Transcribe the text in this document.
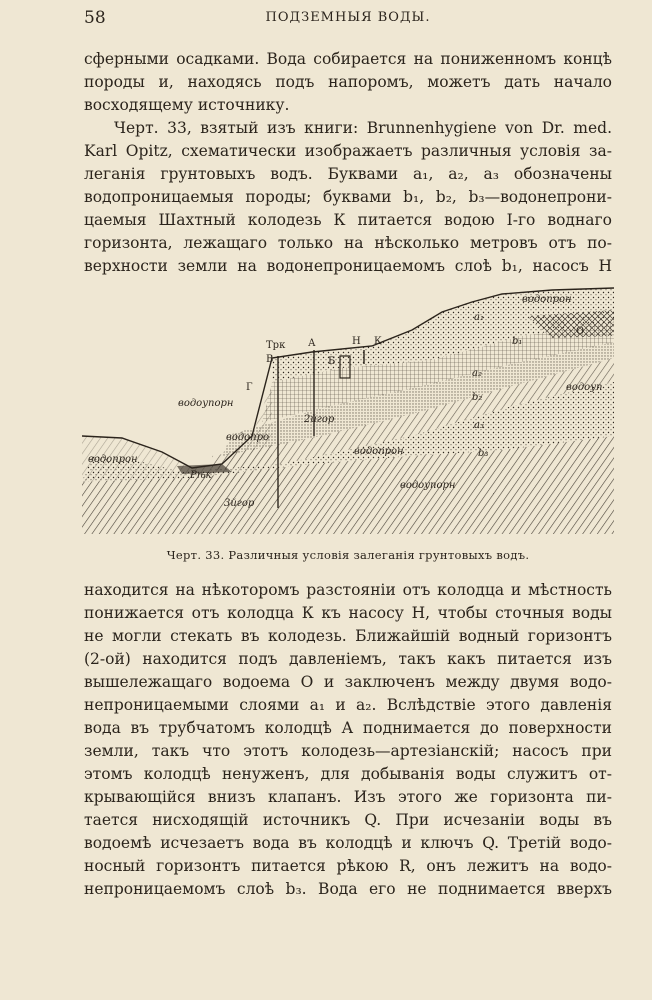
58	ПОДЗЕМНЫЯ ВОДЫ.
сферными осадками. Вода собирается на пониженномъ концѣ
породы и, находясь подъ напоромъ, можетъ дать начало
восходящему источнику.
Черт. 33, взятый изъ книги: Brunnenhygiene von Dr. med.
Karl Opitz, схематически изображаетъ различныя условія за-
леганія грунтовыхъ водъ. Буквами a₁, a₂, a₃ обозначены
водопроницаемыя породы; буквами b₁, b₂, b₃—водонепрони-
цаемыя Шахтный колодезь К питается водою I-го воднаго
горизонта, лежащаго только на нѣсколько метровъ отъ по-
верхности земли на водонепроницаемомъ слоѣ b₁, насосъ Н
водопрон
O
a₁
b₁
a₂
b₂
a₃
b₃
водоуп
Н К
Трк А
В	Б
Г
водоупорн
водопро
2йгор
водопрон
водопрон
Рѣк
3йгор
водоупорн
Черт. 33. Различныя условія залеганія грунтовыхъ водъ.
находится на нѣкоторомъ разстояніи отъ колодца и мѣстность
понижается отъ колодца К къ насосу Н, чтобы сточныя воды
не могли стекать въ колодезь. Ближайшій водный горизонтъ
(2-ой) находится подъ давленіемъ, такъ какъ питается изъ
вышележащаго водоема О и заключенъ между двумя водо-
непроницаемыми слоями a₁ и a₂. Вслѣдствіе этого давленія
вода въ трубчатомъ колодцѣ А поднимается до поверхности
земли, такъ что этотъ колодезь—артезіанскій; насосъ при
этомъ колодцѣ ненуженъ, для добыванія воды служитъ от-
крывающійся внизъ клапанъ. Изъ этого же горизонта пи-
тается нисходящій источникъ Q. При исчезаніи воды въ
водоемѣ исчезаетъ вода въ колодцѣ и ключъ Q. Третій водо-
носный горизонтъ питается рѣкою R, онъ лежитъ на водо-
непроницаемомъ слоѣ b₃. Вода его не поднимается вверхъ
